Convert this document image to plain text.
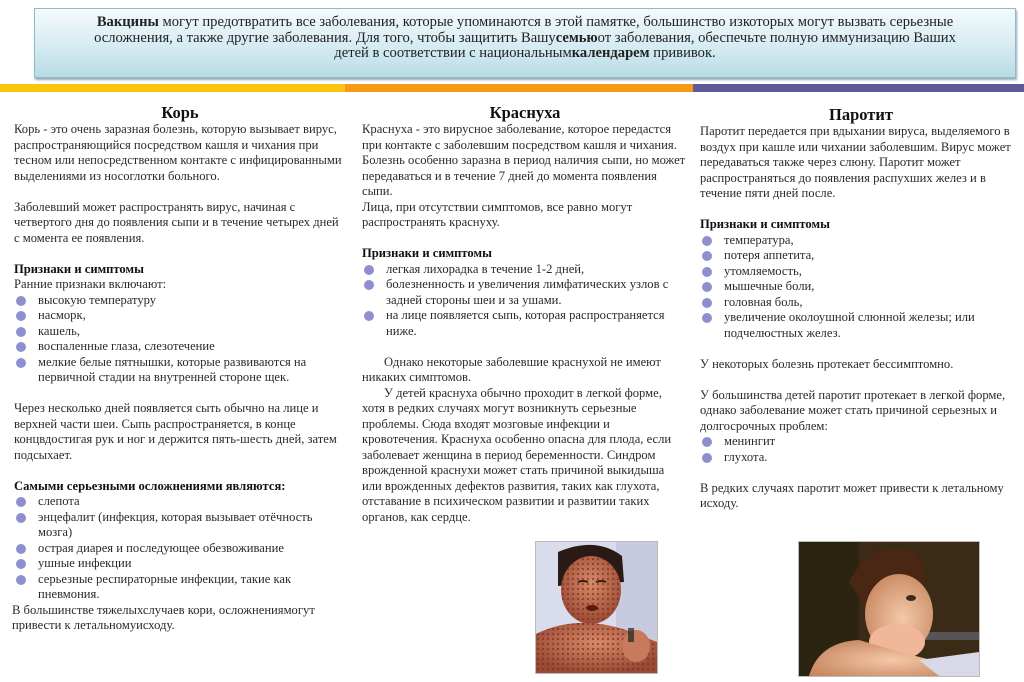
Вакцины могут предотвратить все заболевания, которые упоминаются в этой памятке, большинство изкоторых могут вызвать серьезные
осложнения, а также другие заболевания. Для того, чтобы защитить Вашусемьюот заболевания, обеспечьте полную иммунизацию Ваших
детей в соответствии с национальнымкалендарем прививок.
Корь

Корь - это очень заразная болезнь, которую вызывает вирус, распространяющийся посредством кашля и чихания при тесном или непосредственном контакте с инфицированными выделениями из носоглотки больного.

Заболевший может распространять вирус, начиная с четвертого дня до появления сыпи и в течение четырех дней с момента ее появления.

Признаки и симптомы

Ранние признаки включают:

высокую температуру
насморк,
кашель,
воспаленные глаза, слезотечение
мелкие белые пятнышки, которые развиваются на первичной стадии на внутренней стороне щек.

Через несколько дней появляется сыть обычно на лице и верхней части шеи. Сыпь распространяется, в конце концвдостигая рук и ног и держится пять-шесть дней, затем подсыхает.

Самыми серьезными осложнениями являются:

слепота
энцефалит (инфекция, которая вызывает отёчность мозга)
острая диарея и последующее обезвоживание
ушные инфекции
серьезные респираторные инфекции, такие как пневмония.

В большинстве тяжелыхслучаев кори, осложнениямогут привести к летальномуисходу.

Краснуха

Краснуха - это вирусное заболевание, которое передастся при контакте с заболевшим посредством кашля и чихания. Болезнь особенно заразна в период наличия сыпи, но может передаваться и в течение 7 дней до момента появления сыпи.

Лица, при отсутствии симптомов, все равно могут распространять краснуху.

Признаки и симптомы

легкая лихорадка в течение 1-2 дней,
болезненность и увеличения лимфатических узлов с задней стороны шеи и за ушами.
на лице появляется сыпь, которая распространяется ниже.

Однако некоторые заболевшие краснухой не имеют никаких симптомов.

У детей краснуха обычно проходит в легкой форме, хотя в редких случаях могут возникнуть серьезные проблемы. Сюда входят мозговые инфекции и кровотечения. Краснуха особенно опасна для плода, если заболевает женщина в период беременности. Синдром врожденной краснухи может стать причиной выкидыша или врожденных дефектов развития, таких как глухота, отставание в психическом развитии и развитии таких органов, как сердце.

Паротит

Паротит передается при вдыхании вируса, выделяемого в воздух при кашле или чихании заболевшим. Вирус может передаваться также через слюну. Паротит может распространяться до появления распухших желез и в течение пяти дней после.

Признаки и симптомы

температура,
потеря аппетита,
утомляемость,
мышечные боли,
головная боль,
увеличение околоушной слюнной железы; или подчелюстных желез.

У некоторых болезнь протекает бессимптомно.

У большинства детей паротит протекает в легкой форме, однако заболевание может стать причиной серьезных и долгосрочных проблем:

менингит
глухота.

В редких случаях паротит может привести к летальному исходу.
